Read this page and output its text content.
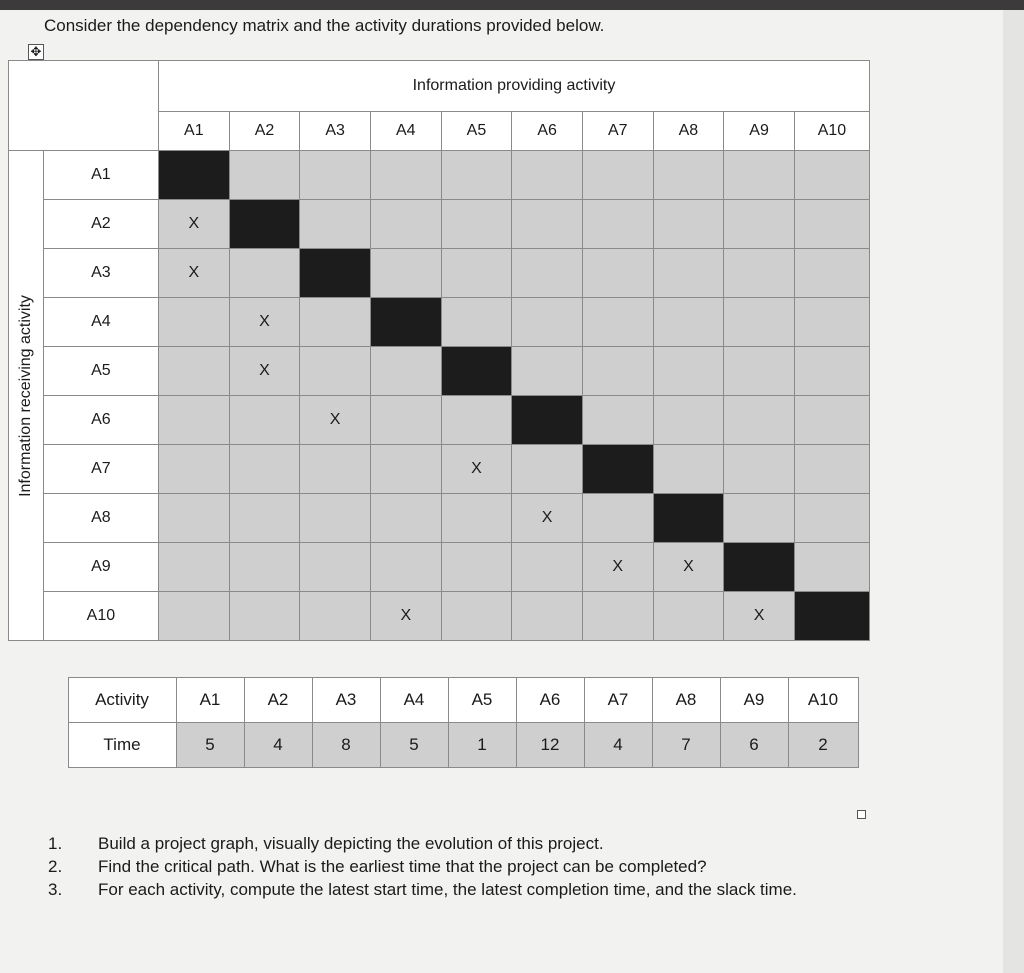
Consider the dependency matrix and the activity durations provided below.
✥
		Information providing activity									
		A1	A2	A3	A4	A5	A6	A7	A8	A9	A10

Information receiving activity	A1										
	A2	X									
	A3	X									
	A4		X								
	A5		X								
	A6			X							
	A7					X					
	A8						X				
	A9							X	X		
	A10				X					X	
	Activity	A1	A2	A3	A4	A5	A6	A7	A8	A9	A10
	Time	5	4	8	5	1	12	4	7	6	2
1. Build a project graph, visually depicting the evolution of this project.
2. Find the critical path. What is the earliest time that the project can be completed?
3. For each activity, compute the latest start time, the latest completion time, and the slack time.
